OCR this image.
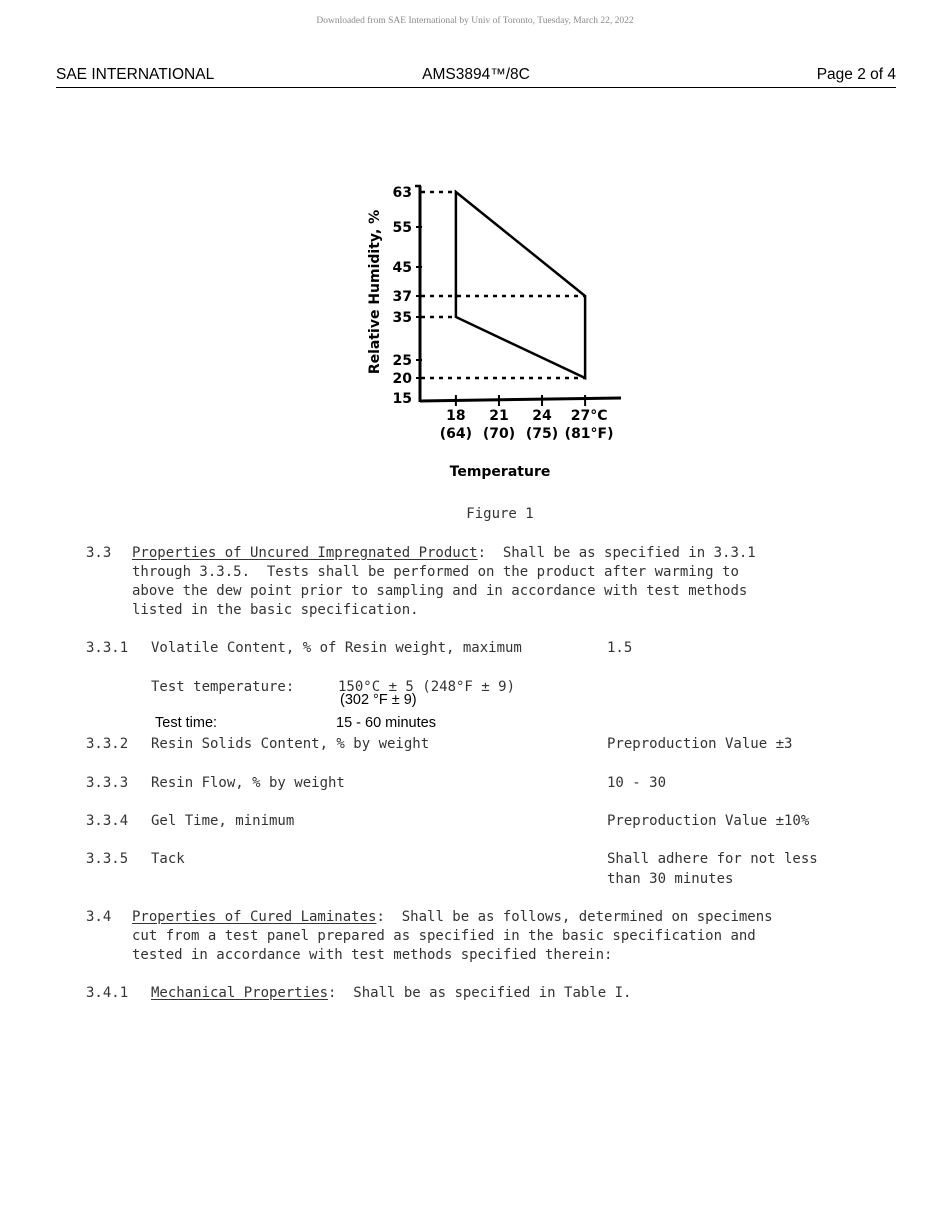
Downloaded from SAE International by Univ of Toronto, Tuesday, March 22, 2022
SAE INTERNATIONAL	AMS3894™/8C	Page 2 of 4
63
55
45
37
35
25
20
15
18
(64)
21
(70)
24
(75)
27°C
(81°F)
Relative Humidity, %
Temperature
Figure 1
3.3 Properties of Uncured Impregnated Product:  Shall be as specified in 3.3.1
through 3.3.5.  Tests shall be performed on the product after warming to
above the dew point prior to sampling and in accordance with test methods
listed in the basic specification.
3.3.1 Volatile Content, % of Resin weight, maximum	1.5
Test temperature:	150°C ± 5 (248°F ± 9)
(302 °F ± 9)
Test time:	15 - 60 minutes
3.3.2 Resin Solids Content, % by weight	Preproduction Value ±3
3.3.3 Resin Flow, % by weight	10 - 30
3.3.4 Gel Time, minimum	Preproduction Value ±10%
3.3.5 Tack	Shall adhere for not less
than 30 minutes
3.4 Properties of Cured Laminates:  Shall be as follows, determined on specimens
cut from a test panel prepared as specified in the basic specification and
tested in accordance with test methods specified therein:
3.4.1 Mechanical Properties:  Shall be as specified in Table I.
